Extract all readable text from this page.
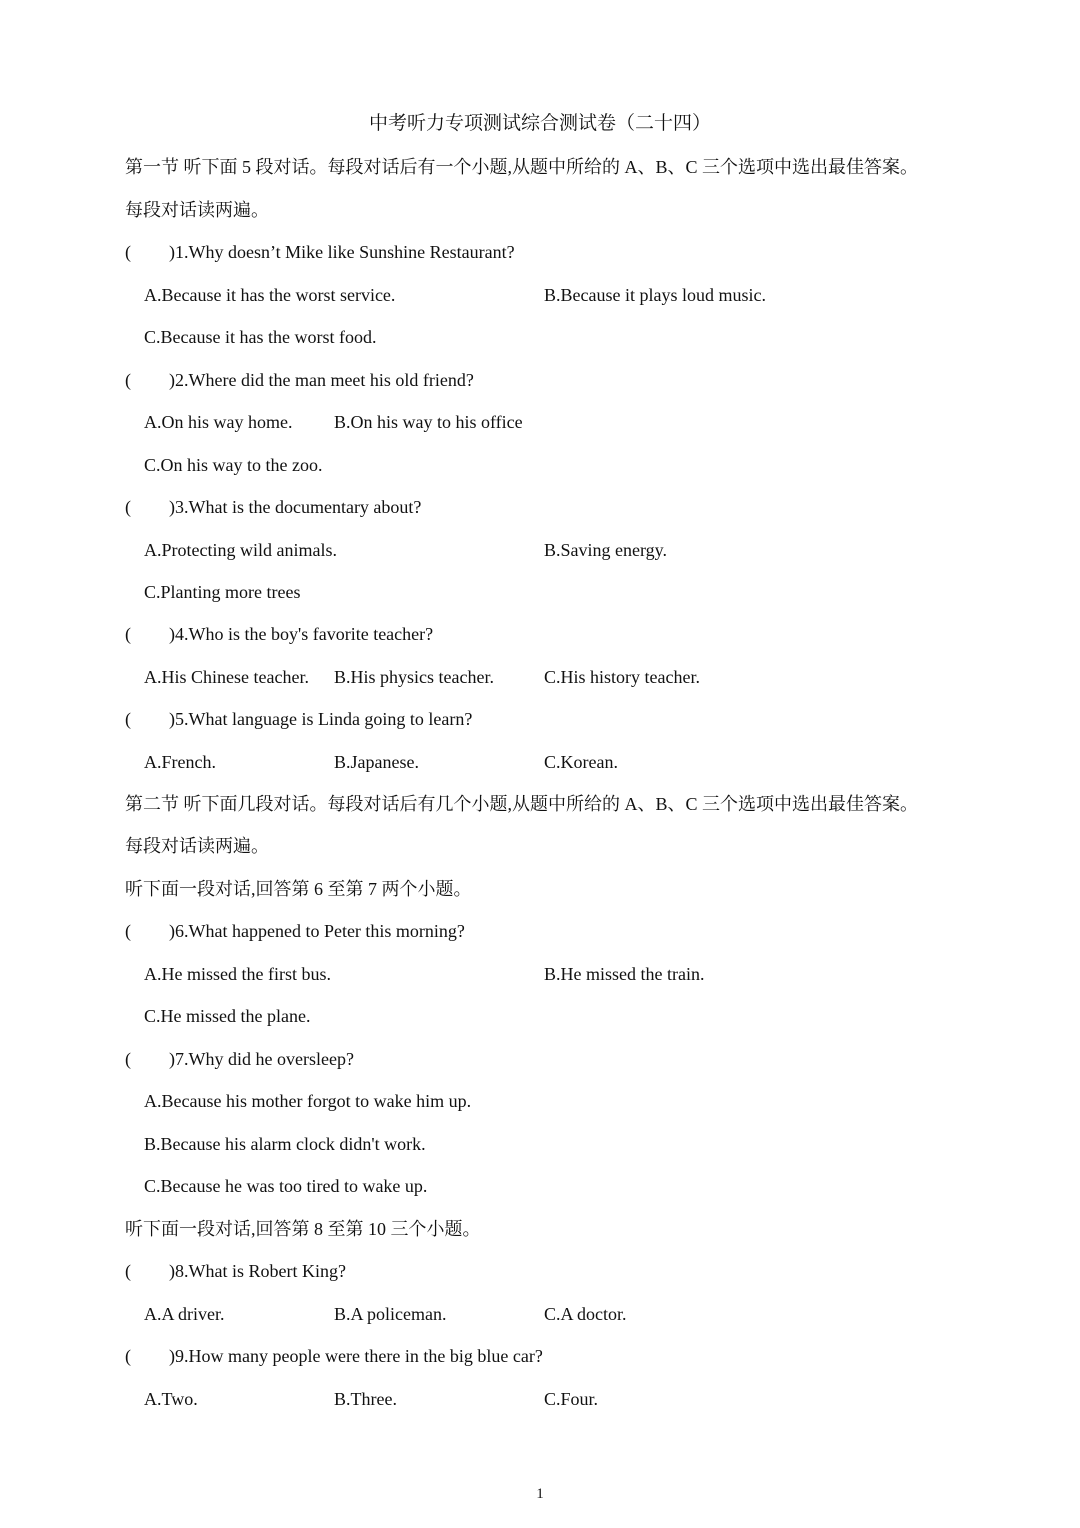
中考听力专项测试综合测试卷（二十四）
第一节 听下面 5 段对话。每段对话后有一个小题,从题中所给的 A、B、C 三个选项中选出最佳答案。
每段对话读两遍。
( )1.Why doesn’t Mike like Sunshine Restaurant?
A.Because it has the worst service.	B.Because it plays loud music.
C.Because it has the worst food.
( )2.Where did the man meet his old friend?
A.On his way home. B.On his way to his office
C.On his way to the zoo.
( )3.What is the documentary about?
A.Protecting wild animals.	B.Saving energy.
C.Planting more trees
( )4.Who is the boy's favorite teacher?
A.His Chinese teacher. B.His physics teacher.	C.His history teacher.
( )5.What language is Linda going to learn?
A.French.	B.Japanese.	C.Korean.
第二节 听下面几段对话。每段对话后有几个小题,从题中所给的 A、B、C 三个选项中选出最佳答案。
每段对话读两遍。
听下面一段对话,回答第 6 至第 7 两个小题。
( )6.What happened to Peter this morning?
A.He missed the first bus.	B.He missed the train.
C.He missed the plane.
( )7.Why did he oversleep?
A.Because his mother forgot to wake him up.
B.Because his alarm clock didn't work.
C.Because he was too tired to wake up.
听下面一段对话,回答第 8 至第 10 三个小题。
( )8.What is Robert King?
A.A driver.	B.A policeman.	C.A doctor.
( )9.How many people were there in the big blue car?
A.Two.	B.Three.	C.Four.
1
